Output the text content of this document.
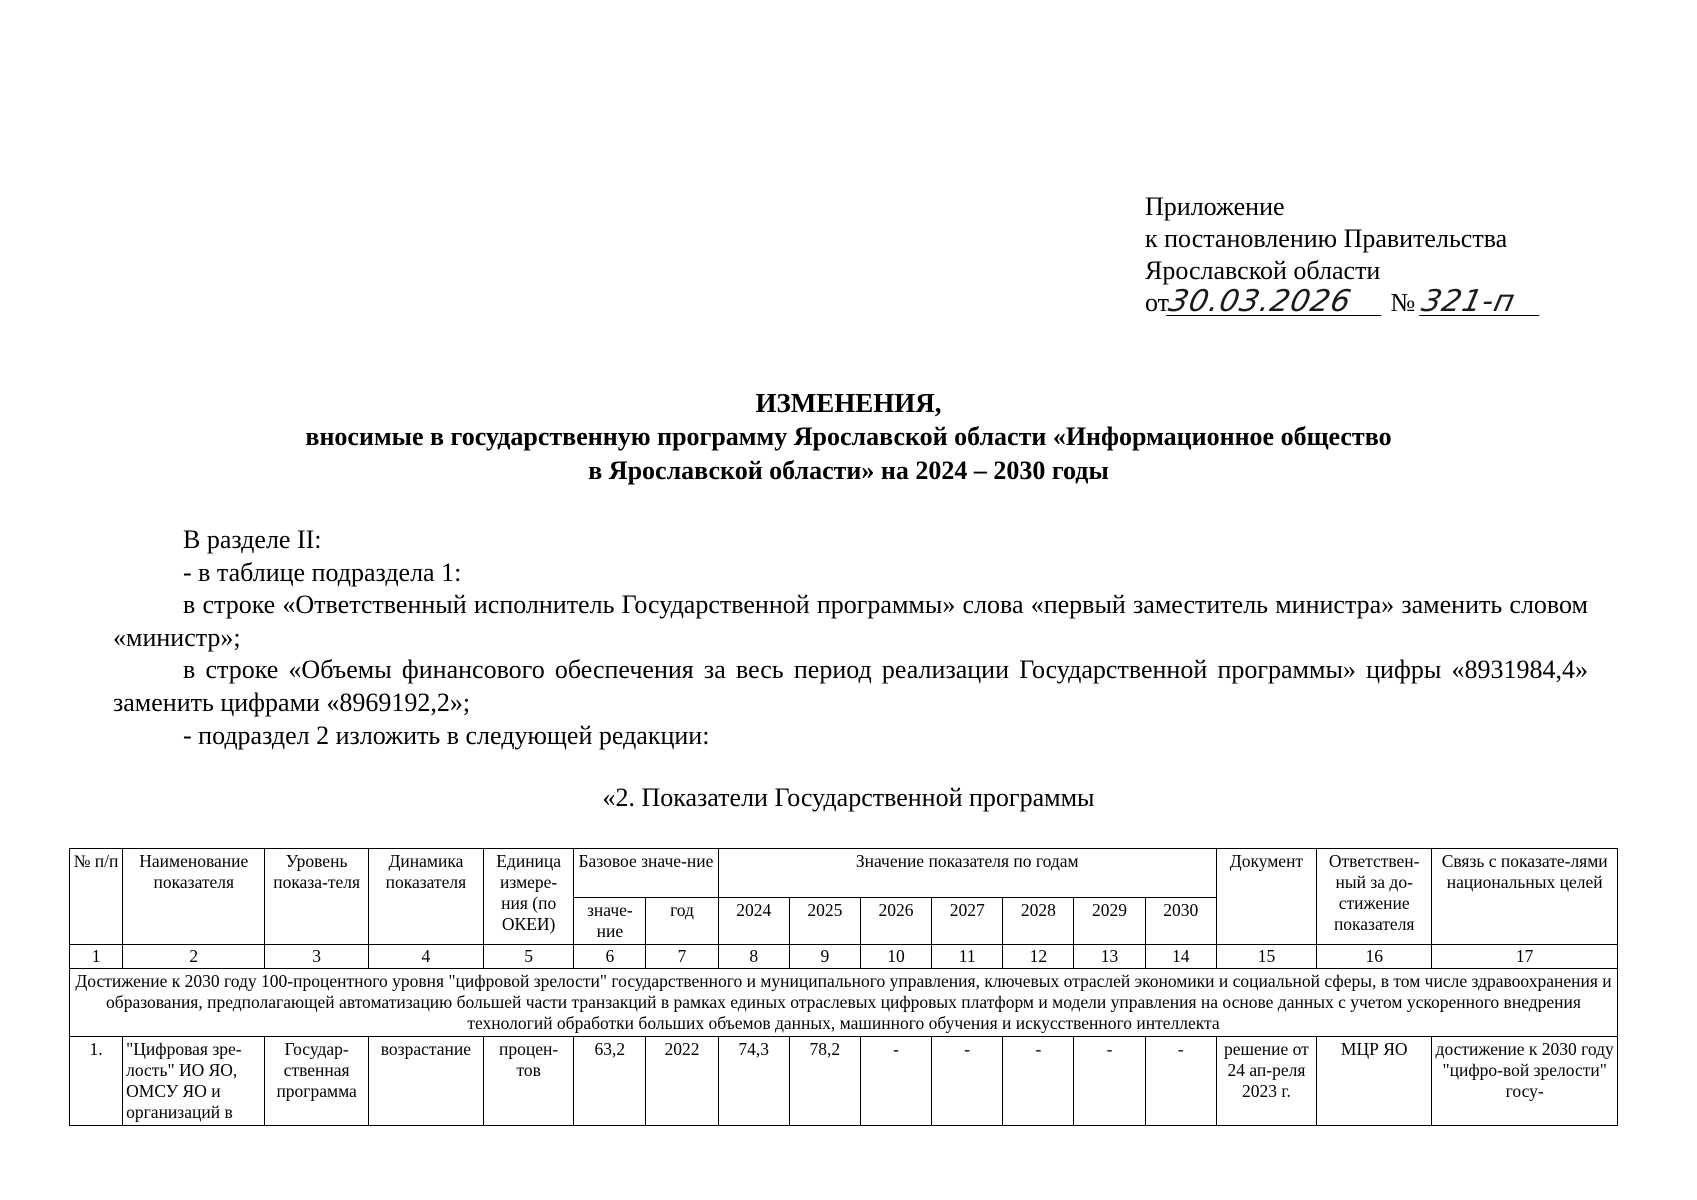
Приложение
к постановлению Правительства
Ярославской области
от30.03.2026 № 321-п
ИЗМЕНЕНИЯ,
вносимые в государственную программу Ярославской области «Информационное общество
в Ярославской области» на 2024 – 2030 годы

В разделе II:

- в таблице подраздела 1:

в строке «Ответственный исполнитель Государственной программы» слова «первый заместитель министра» заменить словом «министр»;

в строке «Объемы финансового обеспечения за весь период реализации Государственной программы» цифры «8931984,4» заменить цифрами «8969192,2»;

- подраздел 2 изложить в следующей редакции:

«2. Показатели Государственной программы
№ п/п	Наименование показателя	Уровень показа-теля	Динамика показателя	Единица измере-ния (по ОКЕИ)	Базовое значе-ние		Значение показателя по годам							Документ	Ответствен-ный за до-стижение показателя	Связь с показате-лями национальных целей
					значе-ние	год	2024	2025	2026	2027	2028	2029	2030			
1	2	3	4	5	6	7	8	9	10	11	12	13	14	15	16	17
Достижение к 2030 году 100-процентного уровня "цифровой зрелости" государственного и муниципального управления, ключевых отраслей экономики и социальной сферы, в том числе здравоохранения и образования, предполагающей автоматизацию большей части транзакций в рамках единых отраслевых цифровых платформ и модели управления на основе данных с учетом ускоренного внедрения технологий обработки больших объемов данных, машинного обучения и искусственного интеллекта																
1.	"Цифровая зре-лость" ИО ЯО, ОМСУ ЯО и организаций в	Государ-ственная программа	возрастание	процен-тов	63,2	2022	74,3	78,2	-	-	-	-	-	решение от 24 ап-реля 2023 г.	МЦР ЯО	достижение к 2030 году "цифро-вой зрелости" госу-
